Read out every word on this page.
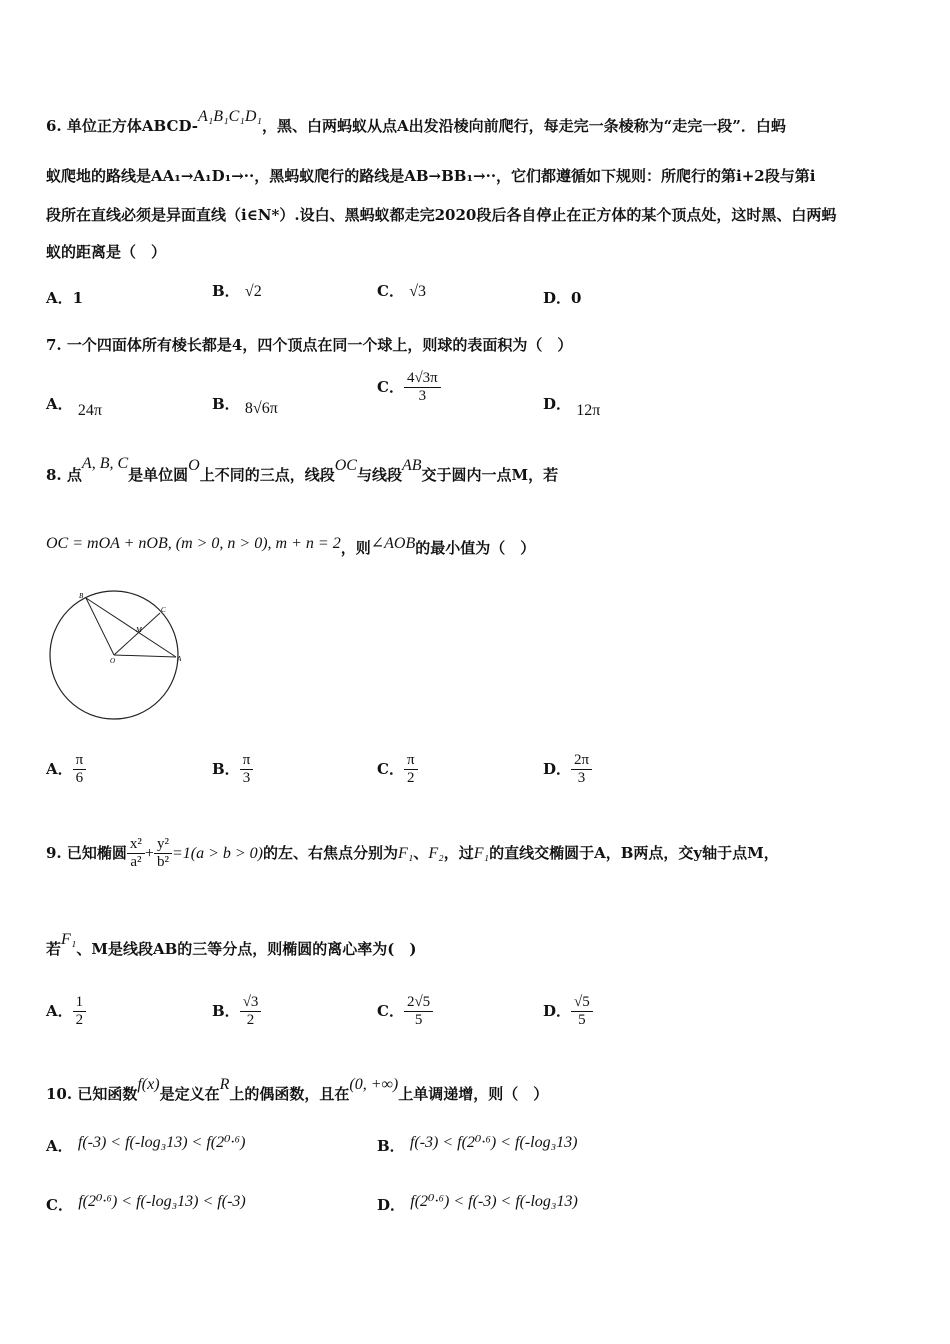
6. 单位正方体ABCD-A₁B₁C₁D₁，黑、白两蚂蚁从点A出发沿棱向前爬行，每走完一条棱称为“走完一段”．白蚂
蚁爬地的路线是AA₁→A₁D₁→··，黑蚂蚁爬行的路线是AB→BB₁→··，它们都遵循如下规则：所爬行的第i+2段与第i
段所在直线必须是异面直线（i∈N*）.设白、黑蚂蚁都走完2020段后各自停止在正方体的某个顶点处，这时黑、白两蚂
蚁的距离是（　）
A．1	B． √2	C． √3	D．0
7. 一个四面体所有棱长都是4，四个顶点在同一个球上，则球的表面积为（　）
A． 24π	B． 8√6π
C． $\frac{4√3\pi}{3}$	D． 12π
8. 点A, B, C是单位圆O上不同的三点，线段OC与线段AB交于圆内一点M，若
OC = mOA + nOB, (m > 0, n > 0), m + n = 2，则∠AOB的最小值为（　）
B
C
M
O	A
A． $\frac{\pi}{6}$	B． $\frac{\pi}{3}$	C． $\frac{\pi}{2}$	D． $\frac{2\pi}{3}$
9. 已知椭圆 $\frac{\text{x²}}{\text{a²}} + \frac{\text{y²}}{\text{b²}} =1(a > b > 0)$的左、右焦点分别为F₁、F₂，过F₁的直线交椭圆于A，B两点，交y轴于点M，
若F₁、M是线段AB的三等分点，则椭圆的离心率为(　)
A． $\frac{1}{2}$	B． $\frac{√3}{2}$	C． $\frac{2√5}{5}$	D． $\frac{√5}{5}$
10. 已知函数f(x)是定义在R上的偶函数，且在(0, +∞)上单调递增，则（　）
A． f(-3) < f(-log₃13) < f(2⁰·⁶)	B． f(-3) < f(2⁰·⁶) < f(-log₃13)
C． f(2⁰·⁶) < f(-log₃13) < f(-3)	D． f(2⁰·⁶) < f(-3) < f(-log₃13)
